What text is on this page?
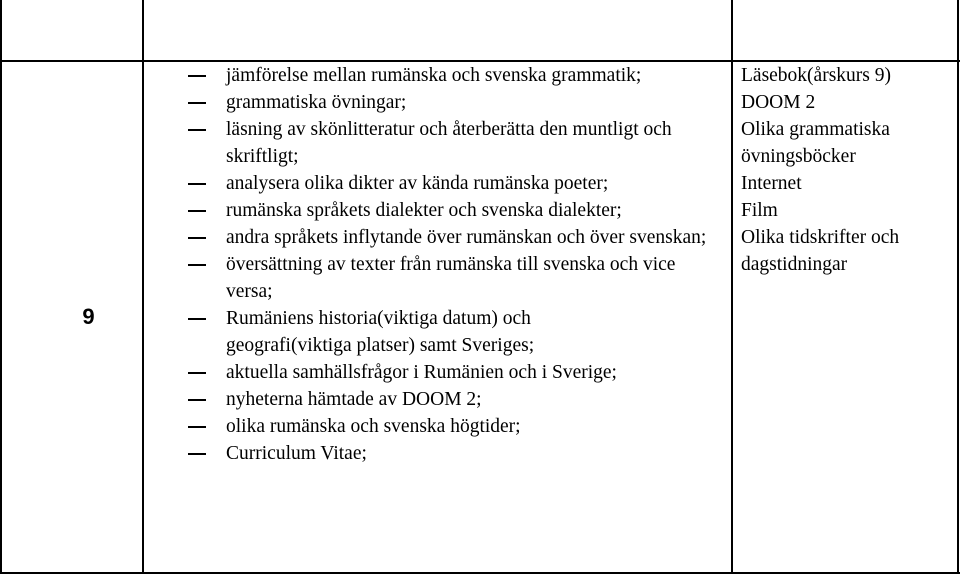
9
jämförelse mellan rumänska och svenska grammatik;
grammatiska övningar;
läsning av skönlitteratur och återberätta den muntligt och skriftligt;
analysera olika dikter av kända rumänska poeter;
rumänska språkets dialekter och svenska dialekter;
andra språkets inflytande över rumänskan och över svenskan;
översättning av texter från rumänska till svenska och vice versa;
Rumäniens historia(viktiga datum) och geografi(viktiga platser) samt Sveriges;
aktuella samhällsfrågor i Rumänien och i Sverige;
nyheterna hämtade av DOOM 2;
olika rumänska och svenska högtider;
Curriculum Vitae;
Läsebok(årskurs 9)
DOOM 2
Olika grammatiska övningsböcker
Internet
Film
Olika tidskrifter och dagstidningar
